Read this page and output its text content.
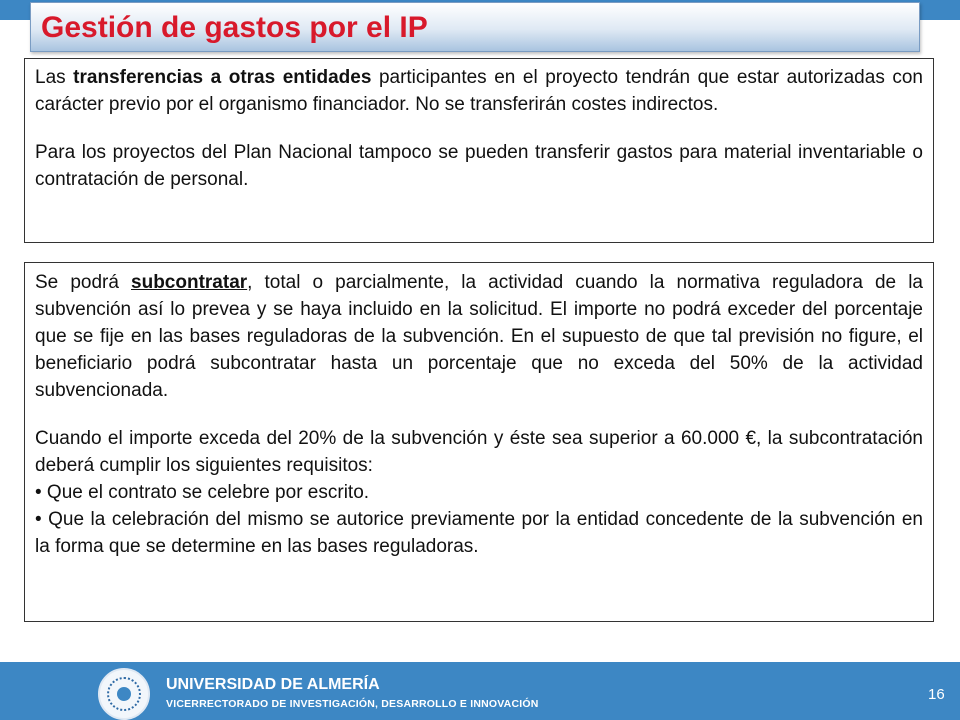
Gestión de gastos por el IP

Las transferencias a otras entidades participantes en el proyecto tendrán que estar autorizadas con carácter previo por el organismo financiador. No se transferirán costes indirectos.

Para los proyectos del Plan Nacional tampoco se pueden transferir gastos para material inventariable o contratación de personal.

Se podrá subcontratar, total o parcialmente, la actividad cuando la normativa reguladora de la subvención así lo prevea y se haya incluido en la solicitud. El importe no podrá exceder del porcentaje que se fije en las bases reguladoras de la subvención. En el supuesto de que tal previsión no figure, el beneficiario podrá subcontratar hasta un porcentaje que no exceda del 50% de la actividad subvencionada.

Cuando el importe exceda del 20% de la subvención y éste sea superior a 60.000 €, la subcontratación deberá cumplir los siguientes requisitos:

• Que el contrato se celebre por escrito.

• Que la celebración del mismo se autorice previamente por la entidad concedente de la subvención en la forma que se determine en las bases reguladoras.

UNIVERSIDAD DE ALMERÍA
VICERRECTORADO DE INVESTIGACIÓN, DESARROLLO E INNOVACIÓN
16
